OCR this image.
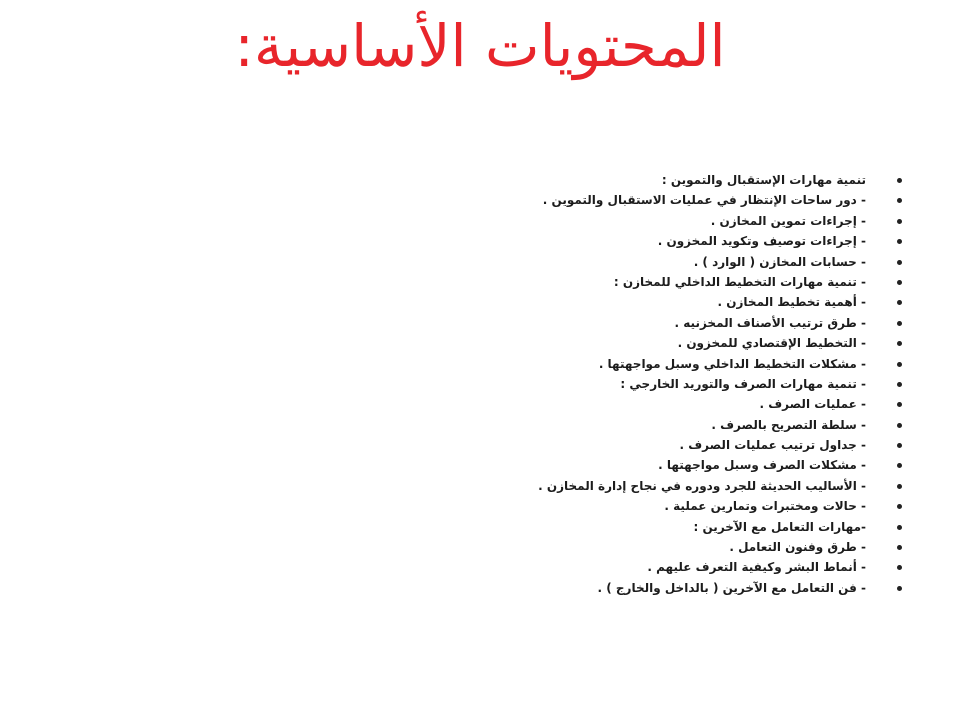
المحتويات الأساسية:
تنمية مهارات الإستقبال والتموين :
- دور ساحات الإنتظار في عمليات الاستقبال والتموين .
- إجراءات تموين المخازن .
- إجراءات توصيف وتكويد المخزون .
- حسابات المخازن ( الوارد ) .
- تنمية مهارات التخطيط الداخلي للمخازن :
- أهمية تخطيط المخازن .
- طرق ترتيب الأصناف المخزنيه .
- التخطيط الإقتصادي للمخزون .
- مشكلات التخطيط الداخلي وسبل مواجهتها .
- تنمية مهارات الصرف والتوريد الخارجي :
- عمليات الصرف .
- سلطة التصريح بالصرف .
- جداول ترتيب عمليات الصرف .
- مشكلات الصرف وسبل مواجهتها .
- الأساليب الحديثة للجرد ودوره في نجاح إدارة المخازن .
- حالات ومختبرات وتمارين عملية .
-مهارات التعامل مع الآخرين :
- طرق وفنون التعامل .
- أنماط البشر وكيفية التعرف عليهم .
- فن التعامل مع الآخرين ( بالداخل والخارج ) .
